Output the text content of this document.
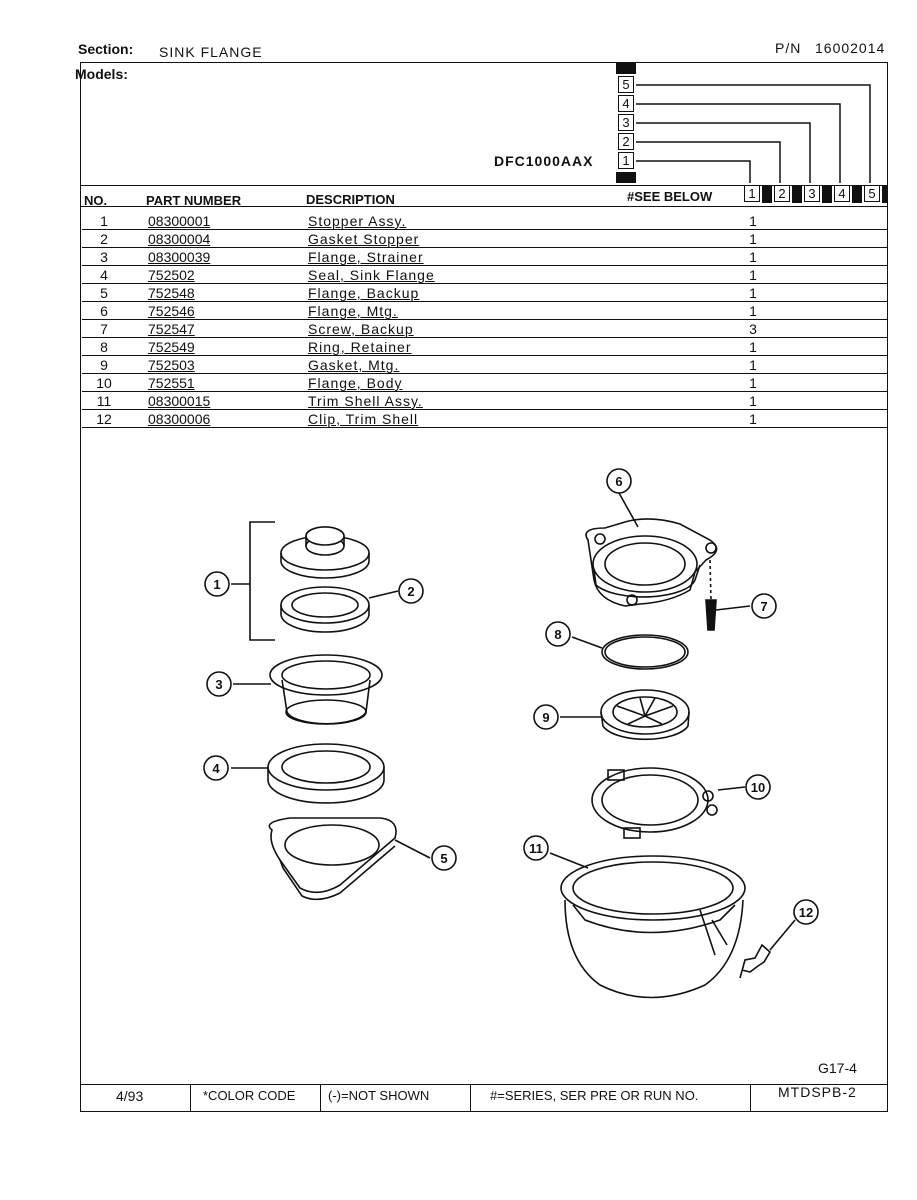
Section: SINK FLANGE	P/N 16002014
Models:
5
4
3
2
1
DFC1000AAX
NO.	PART NUMBER	DESCRIPTION	#SEE BELOW	1	2	3	4	5
1	08300001	Stopper Assy.	1
2	08300004	Gasket Stopper	1
3	08300039	Flange, Strainer	1
4	752502	Seal, Sink Flange	1
5	752548	Flange, Backup	1
6	752546	Flange, Mtg.	1
7	752547	Screw, Backup	3
8	752549	Ring, Retainer	1
9	752503	Gasket, Mtg.	1
10	752551	Flange, Body	1
11	08300015	Trim Shell Assy.	1
12	08300006	Clip, Trim Shell	1
1	2
3
4
5
6
7
8
9
10
11
12
G17-4
4/93	*COLOR CODE	(-)=NOT SHOWN	#=SERIES, SER PRE OR RUN NO.	MTDSPB-2
